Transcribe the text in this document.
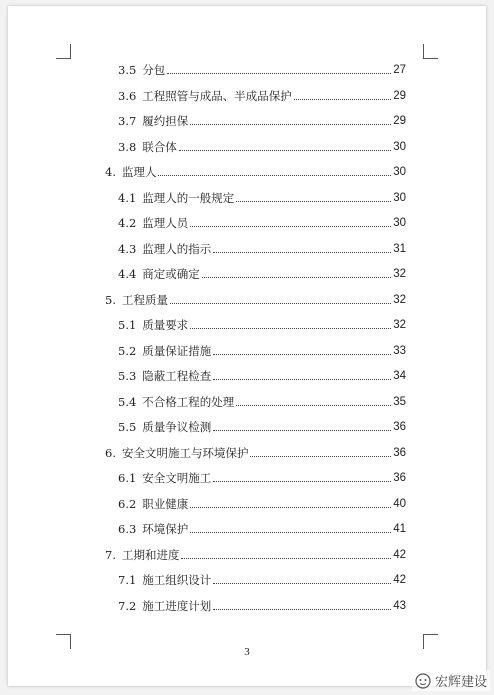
3.5 分包	27
3.6 工程照管与成品、半成品保护	29
3.7 履约担保	29
3.8 联合体	30
4. 监理人	30
4.1 监理人的一般规定	30
4.2 监理人员	30
4.3 监理人的指示	31
4.4 商定或确定	32
5. 工程质量	32
5.1 质量要求	32
5.2 质量保证措施	33
5.3 隐蔽工程检查	34
5.4 不合格工程的处理	35
5.5 质量争议检测	36
6. 安全文明施工与环境保护	36
6.1 安全文明施工	36
6.2 职业健康	40
6.3 环境保护	41
7. 工期和进度	42
7.1 施工组织设计	42
7.2 施工进度计划	43
3
宏辉建设
